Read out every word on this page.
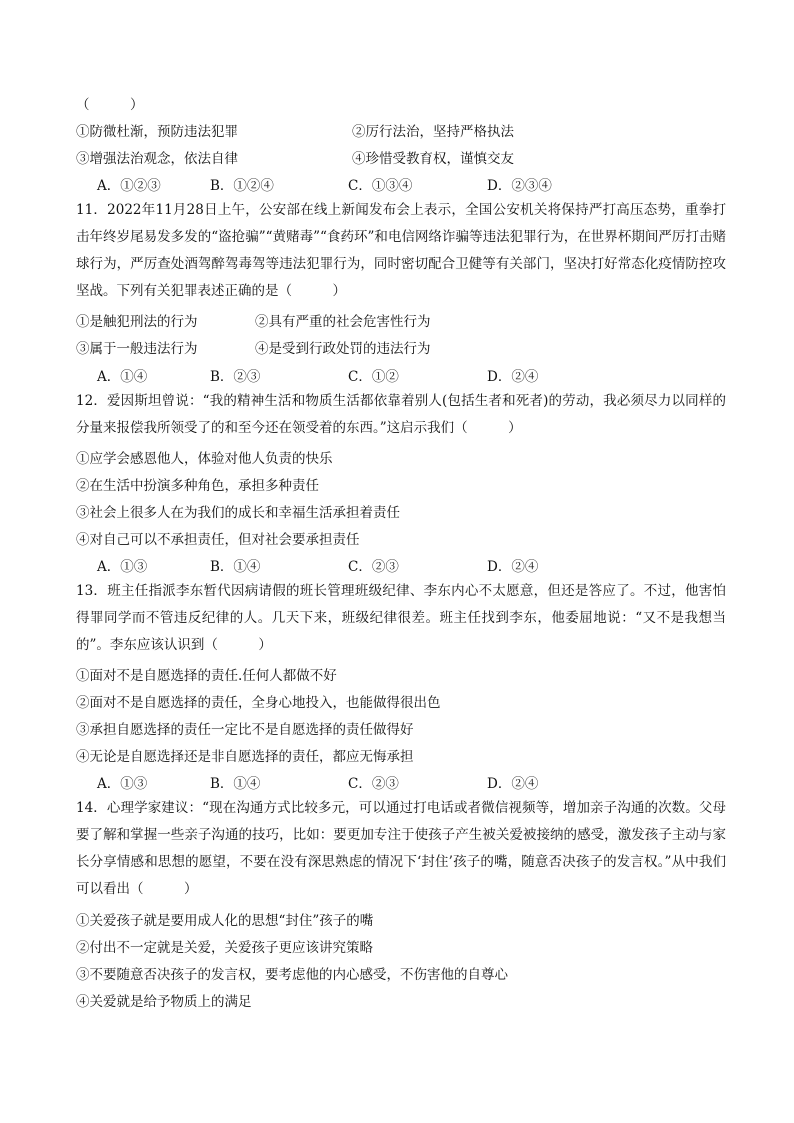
（　　　）
①防微杜渐，预防违法犯罪	②厉行法治，坚持严格执法
③增强法治观念，依法自律	④珍惜受教育权，谨慎交友
A．①②③	B．①②④	C．①③④	D．②③④
11．2022年11月28日上午，公安部在线上新闻发布会上表示，全国公安机关将保持严打高压态势，重拳打击年终岁尾易发多发的“盗抢骗”“黄赌毒”“食药环”和电信网络诈骗等违法犯罪行为，在世界杯期间严厉打击赌球行为，严厉查处酒驾醉驾毒驾等违法犯罪行为，同时密切配合卫健等有关部门，坚决打好常态化疫情防控攻坚战。下列有关犯罪表述正确的是（　　　）
①是触犯刑法的行为	②具有严重的社会危害性行为
③属于一般违法行为	④是受到行政处罚的违法行为
A．①④	B．②③	C．①②	D．②④
12．爱因斯坦曾说：“我的精神生活和物质生活都依靠着别人(包括生者和死者)的劳动，我必须尽力以同样的分量来报偿我所领受了的和至今还在领受着的东西。”这启示我们（　　　）
①应学会感恩他人，体验对他人负责的快乐
②在生活中扮演多种角色，承担多种责任
③社会上很多人在为我们的成长和幸福生活承担着责任
④对自己可以不承担责任，但对社会要承担责任
A．①③	B．①④	C．②③	D．②④
13．班主任指派李东暂代因病请假的班长管理班级纪律、李东内心不太愿意，但还是答应了。不过，他害怕得罪同学而不管违反纪律的人。几天下来，班级纪律很差。班主任找到李东，他委屈地说：“又不是我想当的”。李东应该认识到（　　　）
①面对不是自愿选择的责任.任何人都做不好
②面对不是自愿选择的责任，全身心地投入，也能做得很出色
③承担自愿选择的责任一定比不是自愿选择的责任做得好
④无论是自愿选择还是非自愿选择的责任，都应无悔承担
A．①③	B．①④	C．②③	D．②④
14．心理学家建议：“现在沟通方式比较多元，可以通过打电话或者微信视频等，增加亲子沟通的次数。父母要了解和掌握一些亲子沟通的技巧，比如：要更加专注于使孩子产生被关爱被接纳的感受，激发孩子主动与家长分享情感和思想的愿望，不要在没有深思熟虑的情况下‘封住’孩子的嘴，随意否决孩子的发言权。”从中我们可以看出（　　　）
①关爱孩子就是要用成人化的思想“封住”孩子的嘴
②付出不一定就是关爱，关爱孩子更应该讲究策略
③不要随意否决孩子的发言权，要考虑他的内心感受，不伤害他的自尊心
④关爱就是给予物质上的满足
